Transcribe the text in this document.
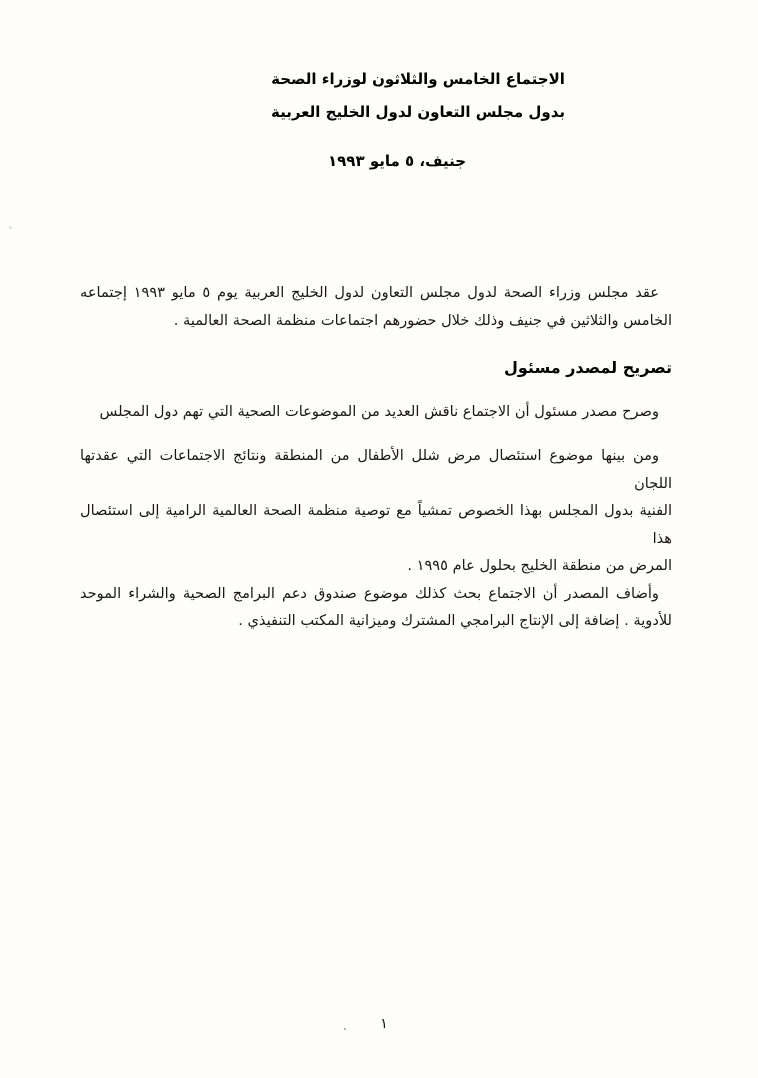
الاجتماع الخامس والثلاثون لوزراء الصحة
بدول مجلس التعاون لدول الخليج العربية
جنيف، ٥ مايو ١٩٩٣
عقد مجلس وزراء الصحة لدول مجلس التعاون لدول الخليج العربية يوم ٥ مايو ١٩٩٣ إجتماعه
الخامس والثلاثين في جنيف وذلك خلال حضورهم اجتماعات منظمة الصحة العالمية .
تصريح لمصدر مسئول
وصرح مصدر مسئول أن الاجتماع ناقش العديد من الموضوعات الصحية التي تهم دول المجلس
ومن بينها موضوع استئصال مرض شلل الأطفال من المنطقة ونتائج الاجتماعات التي عقدتها اللجان
الفنية بدول المجلس بهذا الخصوص تمشياً مع توصية منظمة الصحة العالمية الرامية إلى استئصال هذا
المرض من منطقة الخليج بحلول عام ١٩٩٥ .
وأضاف المصدر أن الاجتماع بحث كذلك موضوع صندوق دعم البرامج الصحية والشراء الموحد
للأدوية . إضافة إلى الإنتاج البرامجي المشترك وميزانية المكتب التنفيذي .
١
